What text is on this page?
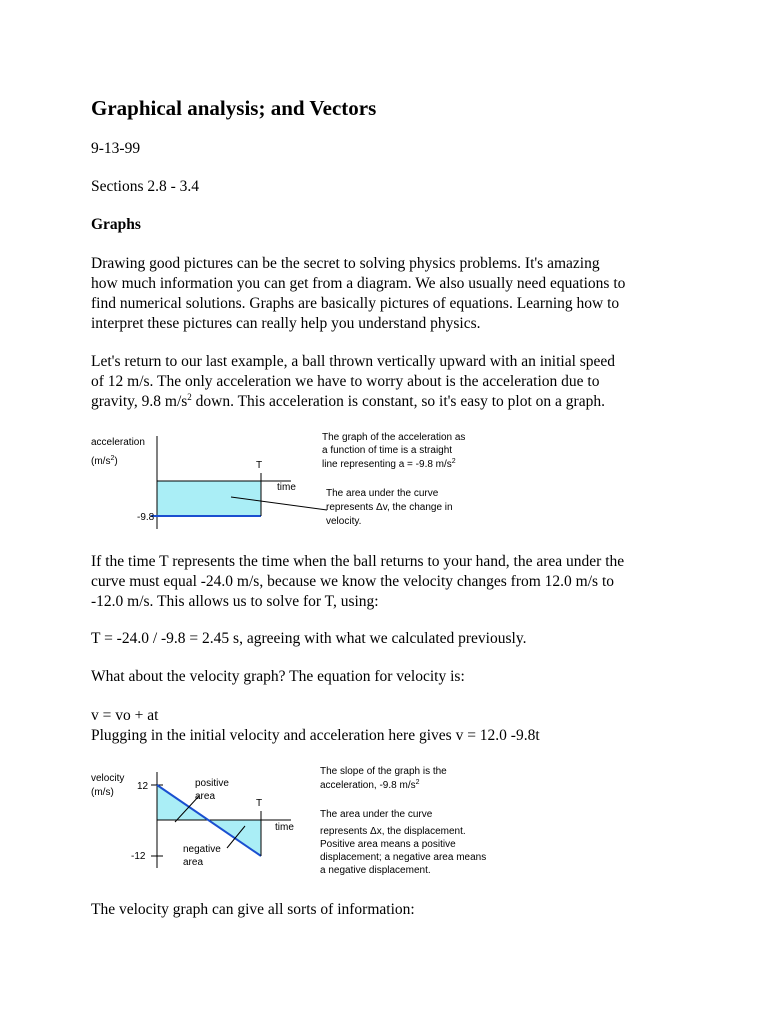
Graphical analysis; and Vectors
9-13-99
Sections 2.8 - 3.4
Graphs
Drawing good pictures can be the secret to solving physics problems. It's amazing
how much information you can get from a diagram. We also usually need equations to
find numerical solutions. Graphs are basically pictures of equations. Learning how to
interpret these pictures can really help you understand physics.
Let's return to our last example, a ball thrown vertically upward with an initial speed
of 12 m/s. The only acceleration we have to worry about is the acceleration due to
gravity, 9.8 $m/s^2$ down. This acceleration is constant, so it's easy to plot on a graph.
acceleration
$(m/s^2)$
-9.8
T
time
The graph of the acceleration as
a function of time is a straight
line representing a = -9.8 $m/s^2$
The area under the curve
represents Δv, the change in
velocity.
If the time T represents the time when the ball returns to your hand, the area under the
curve must equal -24.0 m/s, because we know the velocity changes from 12.0 m/s to
-12.0 m/s. This allows us to solve for T, using:
T = -24.0 / -9.8 = 2.45 s, agreeing with what we calculated previously.
What about the velocity graph? The equation for velocity is:
v = vo + at
Plugging in the initial velocity and acceleration here gives v = 12.0 -9.8t
velocity
(m/s)
12
-12
positive
area
negative
area
T
time
The slope of the graph is the
acceleration, -9.8 $m/s^2$
The area under the curve
represents Δx, the displacement.
Positive area means a positive
displacement; a negative area means
a negative displacement.
The velocity graph can give all sorts of information:
